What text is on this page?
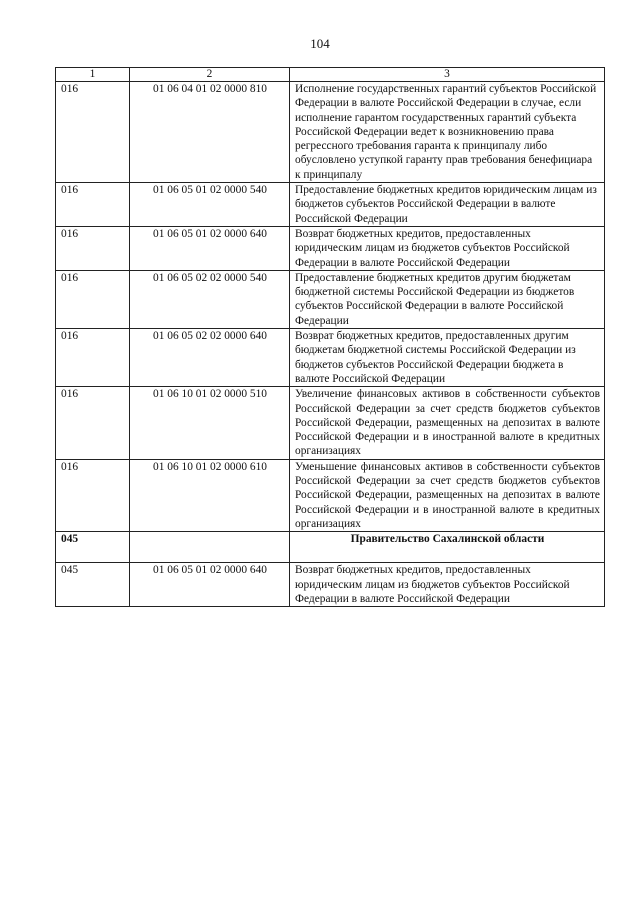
104
1	2	3
016	01 06 04 01 02 0000 810	Исполнение государственных гарантий субъектов Российской Федерации в валюте Российской Федерации в случае, если исполнение гарантом государственных гарантий субъекта Российской Федерации ведет к возникновению права регрессного требования гаранта к принципалу либо обусловлено уступкой гаранту прав требования бенефициара к принципалу
016	01 06 05 01 02 0000 540	Предоставление бюджетных кредитов юридическим лицам из бюджетов субъектов Российской Федерации в валюте Российской Федерации
016	01 06 05 01 02 0000 640	Возврат бюджетных кредитов, предоставленных юридическим лицам из бюджетов субъектов Российской Федерации в валюте Российской Федерации
016	01 06 05 02 02 0000 540	Предоставление бюджетных кредитов другим бюджетам бюджетной системы Российской Федерации из бюджетов субъектов Российской Федерации в валюте Российской Федерации
016	01 06 05 02 02 0000 640	Возврат бюджетных кредитов, предоставленных другим бюджетам бюджетной системы Российской Федерации из бюджетов субъектов Российской Федерации бюджета в валюте Российской Федерации
016	01 06 10 01 02 0000 510	Увеличение финансовых активов в собственности субъектов Российской Федерации за счет средств бюджетов субъектов Российской Федерации, размещенных на депозитах в валюте Российской Федерации и в иностранной валюте в кредитных организациях
016	01 06 10 01 02 0000 610	Уменьшение финансовых активов в собственности субъектов Российской Федерации за счет средств бюджетов субъектов Российской Федерации, размещенных на депозитах в валюте Российской Федерации и в иностранной валюте в кредитных организациях
045		Правительство Сахалинской области
045	01 06 05 01 02 0000 640	Возврат бюджетных кредитов, предоставленных юридическим лицам из бюджетов субъектов Российской Федерации в валюте Российской Федерации
